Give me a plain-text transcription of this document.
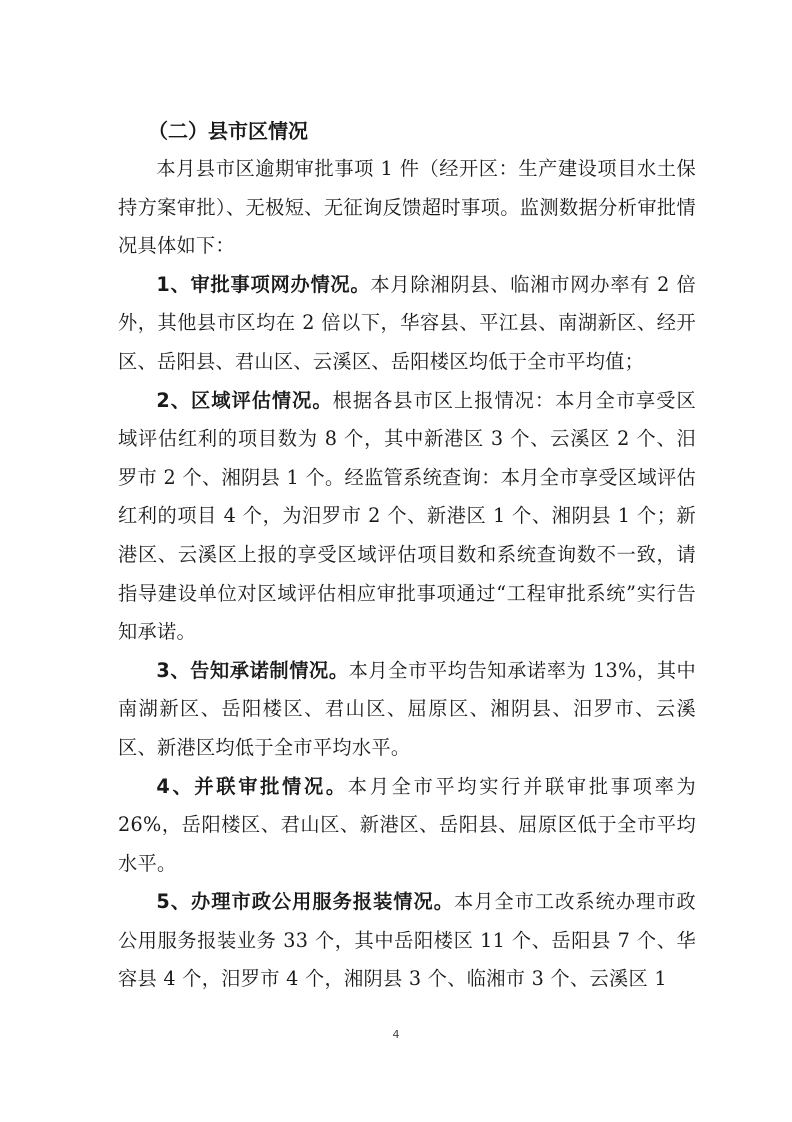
（二）县市区情况

本月县市区逾期审批事项 1 件（经开区：生产建设项目水土保持方案审批）、无极短、无征询反馈超时事项。监测数据分析审批情况具体如下：

1、审批事项网办情况。本月除湘阴县、临湘市网办率有 2 倍外，其他县市区均在 2 倍以下，华容县、平江县、南湖新区、经开区、岳阳县、君山区、云溪区、岳阳楼区均低于全市平均值；

2、区域评估情况。根据各县市区上报情况：本月全市享受区域评估红利的项目数为 8 个，其中新港区 3 个、云溪区 2 个、汨罗市 2 个、湘阴县 1 个。经监管系统查询：本月全市享受区域评估红利的项目 4 个，为汨罗市 2 个、新港区 1 个、湘阴县 1 个；新港区、云溪区上报的享受区域评估项目数和系统查询数不一致，请指导建设单位对区域评估相应审批事项通过“工程审批系统”实行告知承诺。

3、告知承诺制情况。本月全市平均告知承诺率为 13%，其中南湖新区、岳阳楼区、君山区、屈原区、湘阴县、汨罗市、云溪区、新港区均低于全市平均水平。

4、并联审批情况。本月全市平均实行并联审批事项率为 26%，岳阳楼区、君山区、新港区、岳阳县、屈原区低于全市平均水平。

5、办理市政公用服务报装情况。本月全市工改系统办理市政公用服务报装业务 33 个，其中岳阳楼区 11 个、岳阳县 7 个、华容县 4 个，汨罗市 4 个，湘阴县 3 个、临湘市 3 个、云溪区 1

4
